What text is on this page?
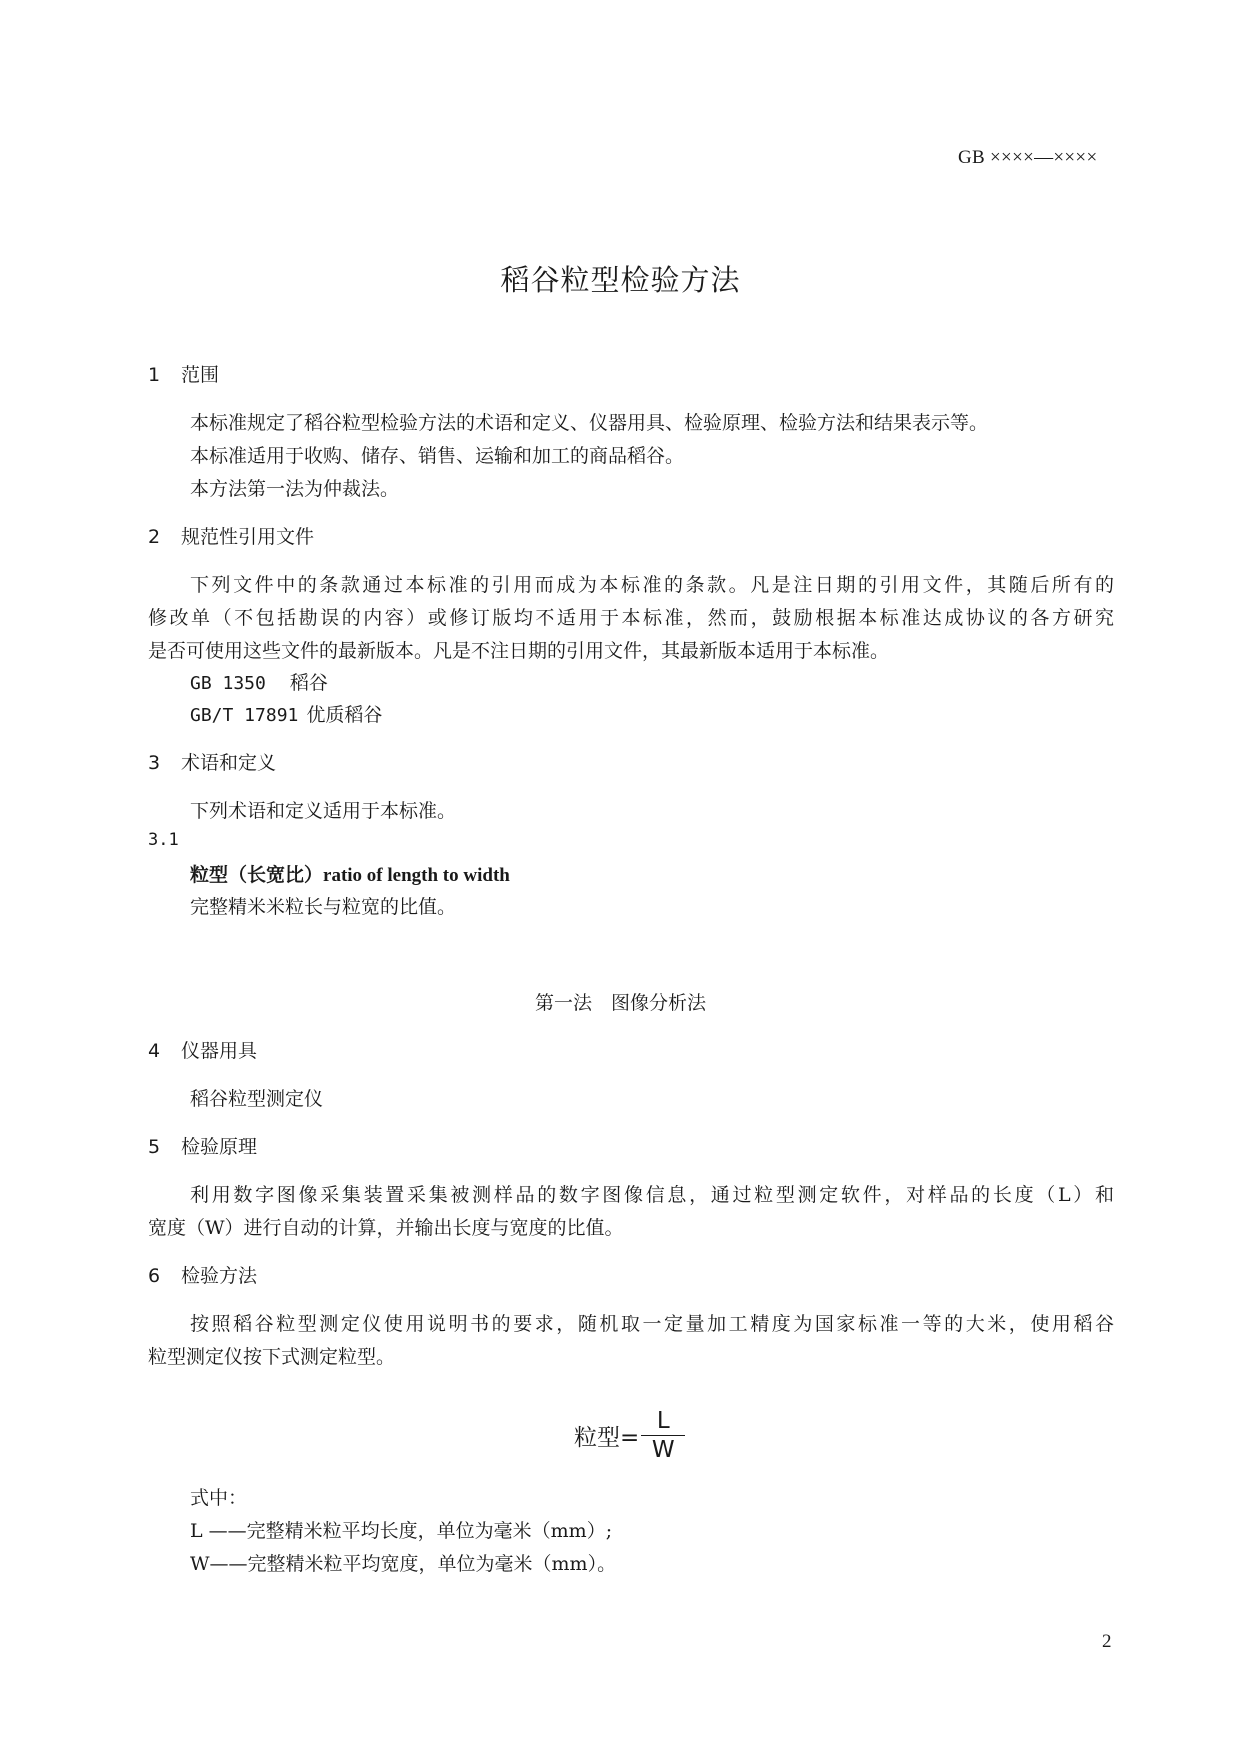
GB ××××—××××
稻谷粒型检验方法
1 范围
本标准规定了稻谷粒型检验方法的术语和定义、仪器用具、检验原理、检验方法和结果表示等。
本标准适用于收购、储存、销售、运输和加工的商品稻谷。
本方法第一法为仲裁法。
2 规范性引用文件
下列文件中的条款通过本标准的引用而成为本标准的条款。凡是注日期的引用文件，其随后所有的
修改单（不包括勘误的内容）或修订版均不适用于本标准，然而，鼓励根据本标准达成协议的各方研究
是否可使用这些文件的最新版本。凡是不注日期的引用文件，其最新版本适用于本标准。
GB 1350 稻谷
GB/T 17891 优质稻谷
3 术语和定义
下列术语和定义适用于本标准。
3.1
粒型（长宽比）ratio of length to width
完整精米米粒长与粒宽的比值。
第一法　图像分析法
4 仪器用具
稻谷粒型测定仪
5 检验原理
利用数字图像采集装置采集被测样品的数字图像信息，通过粒型测定软件，对样品的长度（L）和
宽度（W）进行自动的计算，并输出长度与宽度的比值。
6 检验方法
按照稻谷粒型测定仪使用说明书的要求，随机取一定量加工精度为国家标准一等的大米，使用稻谷
粒型测定仪按下式测定粒型。
粒型= $\frac{L}{W}$
式中：
L ——完整精米粒平均长度，单位为毫米（mm）;
W——完整精米粒平均宽度，单位为毫米（mm）。
2
